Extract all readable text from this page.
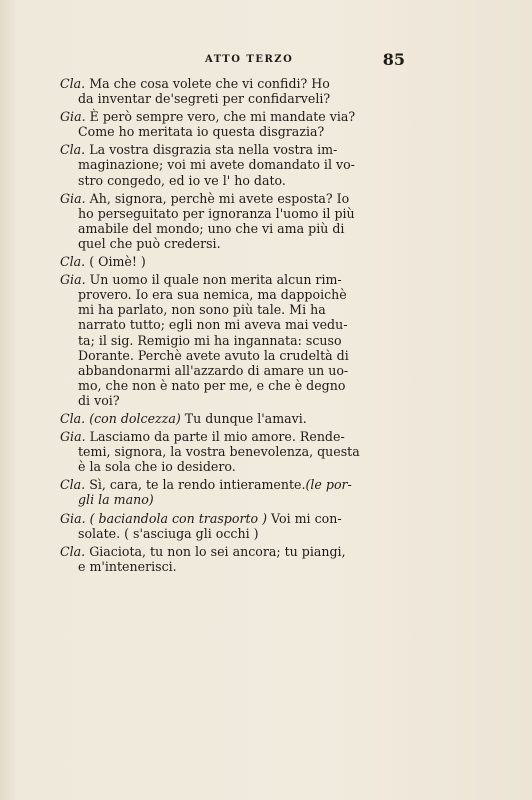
ATTO TERZO	85
Cla. Ma che cosa volete che vi confidi? Ho
da inventar de'segreti per confidarveli?
Gia. È però sempre vero, che mi mandate via?
Come ho meritata io questa disgrazia?
Cla. La vostra disgrazia sta nella vostra im-
maginazione; voi mi avete domandato il vo-
stro congedo, ed io ve l' ho dato.
Gia. Ah, signora, perchè mi avete esposta? Io
ho perseguitato per ignoranza l'uomo il più
amabile del mondo; uno che vi ama più di
quel che può credersi.
Cla. ( Oimè! )
Gia. Un uomo il quale non merita alcun rim-
provero. Io era sua nemica, ma dappoichè
mi ha parlato, non sono più tale. Mi ha
narrato tutto; egli non mi aveva mai vedu-
ta; il sig. Remigio mi ha ingannata: scuso
Dorante. Perchè avete avuto la crudeltà di
abbandonarmi all'azzardo di amare un uo-
mo, che non è nato per me, e che è degno
di voi?
Cla. (con dolcezza) Tu dunque l'amavi.
Gia. Lasciamo da parte il mio amore. Rende-
temi, signora, la vostra benevolenza, questa
è la sola che io desidero.
Cla. Sì, cara, te la rendo intieramente.(le por-
gli la mano)
Gia. ( baciandola con trasporto ) Voi mi con-
solate. ( s'asciuga gli occhi )
Cla. Giaciota, tu non lo sei ancora; tu piangi,
e m'intenerisci.
